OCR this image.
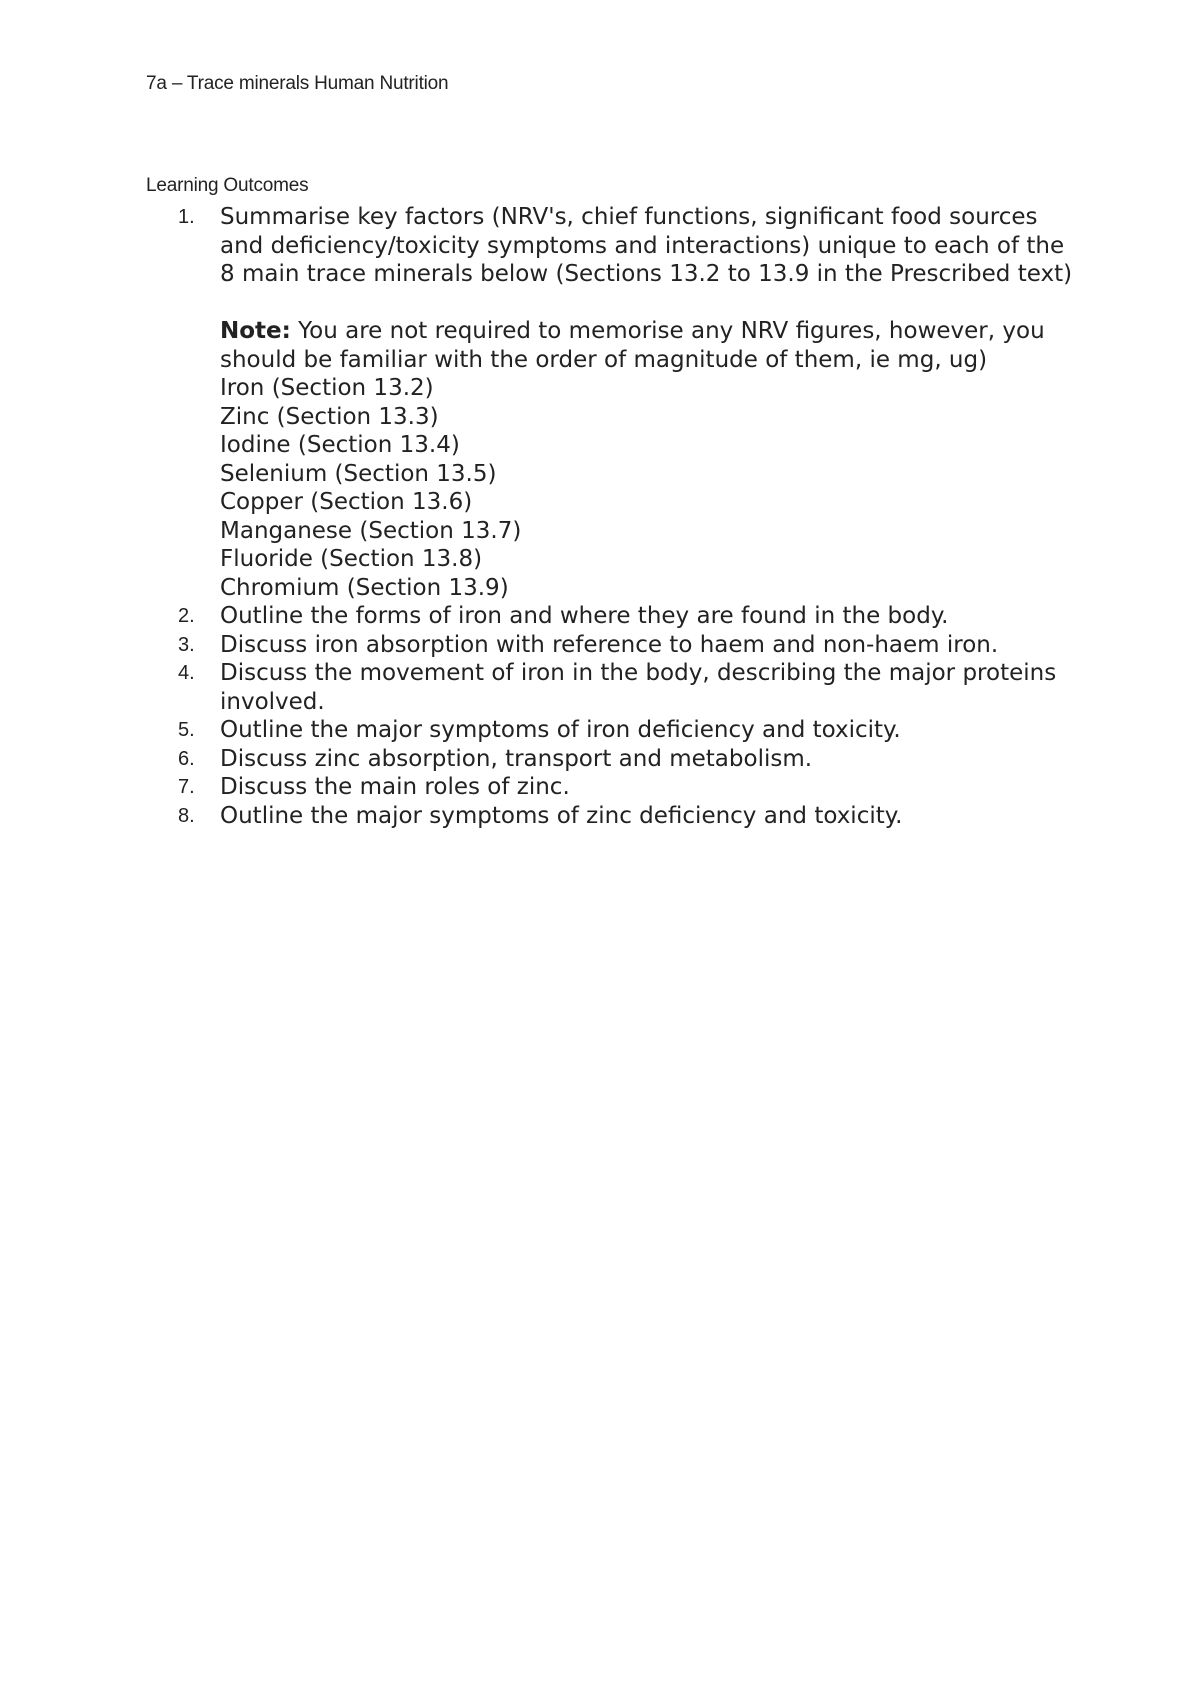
7a – Trace minerals Human Nutrition
Learning Outcomes
1.	Summarise key factors (NRV's, chief functions, significant food sources and deficiency/toxicity symptoms and interactions) unique to each of the 8 main trace minerals below (Sections 13.2 to 13.9 in the Prescribed text)
Note: You are not required to memorise any NRV figures, however, you should be familiar with the order of magnitude of them, ie mg, ug)
Iron (Section 13.2)
Zinc (Section 13.3)
Iodine (Section 13.4)
Selenium (Section 13.5)
Copper (Section 13.6)
Manganese (Section 13.7)
Fluoride (Section 13.8)
Chromium (Section 13.9)
2.	Outline the forms of iron and where they are found in the body.
3.	Discuss iron absorption with reference to haem and non-haem iron.
4.	Discuss the movement of iron in the body, describing the major proteins involved.
5.	Outline the major symptoms of iron deficiency and toxicity.
6.	Discuss zinc absorption, transport and metabolism.
7.	Discuss the main roles of zinc.
8.	Outline the major symptoms of zinc deficiency and toxicity.
